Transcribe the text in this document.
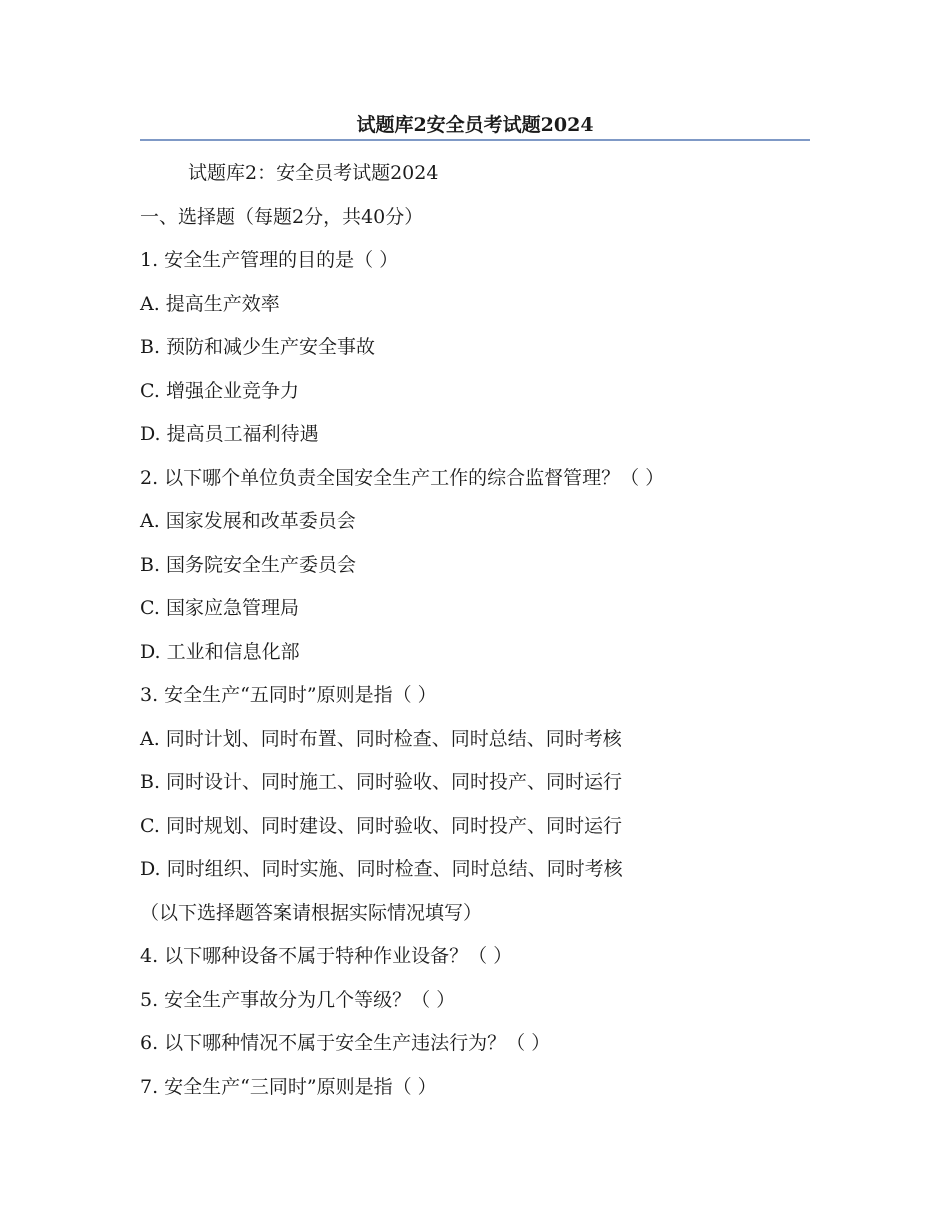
试题库2安全员考试题2024
试题库2：安全员考试题2024
一、选择题（每题2分，共40分）
1. 安全生产管理的目的是（ ）
A. 提高生产效率
B. 预防和减少生产安全事故
C. 增强企业竞争力
D. 提高员工福利待遇
2. 以下哪个单位负责全国安全生产工作的综合监督管理？（ ）
A. 国家发展和改革委员会
B. 国务院安全生产委员会
C. 国家应急管理局
D. 工业和信息化部
3. 安全生产“五同时”原则是指（ ）
A. 同时计划、同时布置、同时检查、同时总结、同时考核
B. 同时设计、同时施工、同时验收、同时投产、同时运行
C. 同时规划、同时建设、同时验收、同时投产、同时运行
D. 同时组织、同时实施、同时检查、同时总结、同时考核
（以下选择题答案请根据实际情况填写）
4. 以下哪种设备不属于特种作业设备？（ ）
5. 安全生产事故分为几个等级？（ ）
6. 以下哪种情况不属于安全生产违法行为？（ ）
7. 安全生产“三同时”原则是指（ ）
